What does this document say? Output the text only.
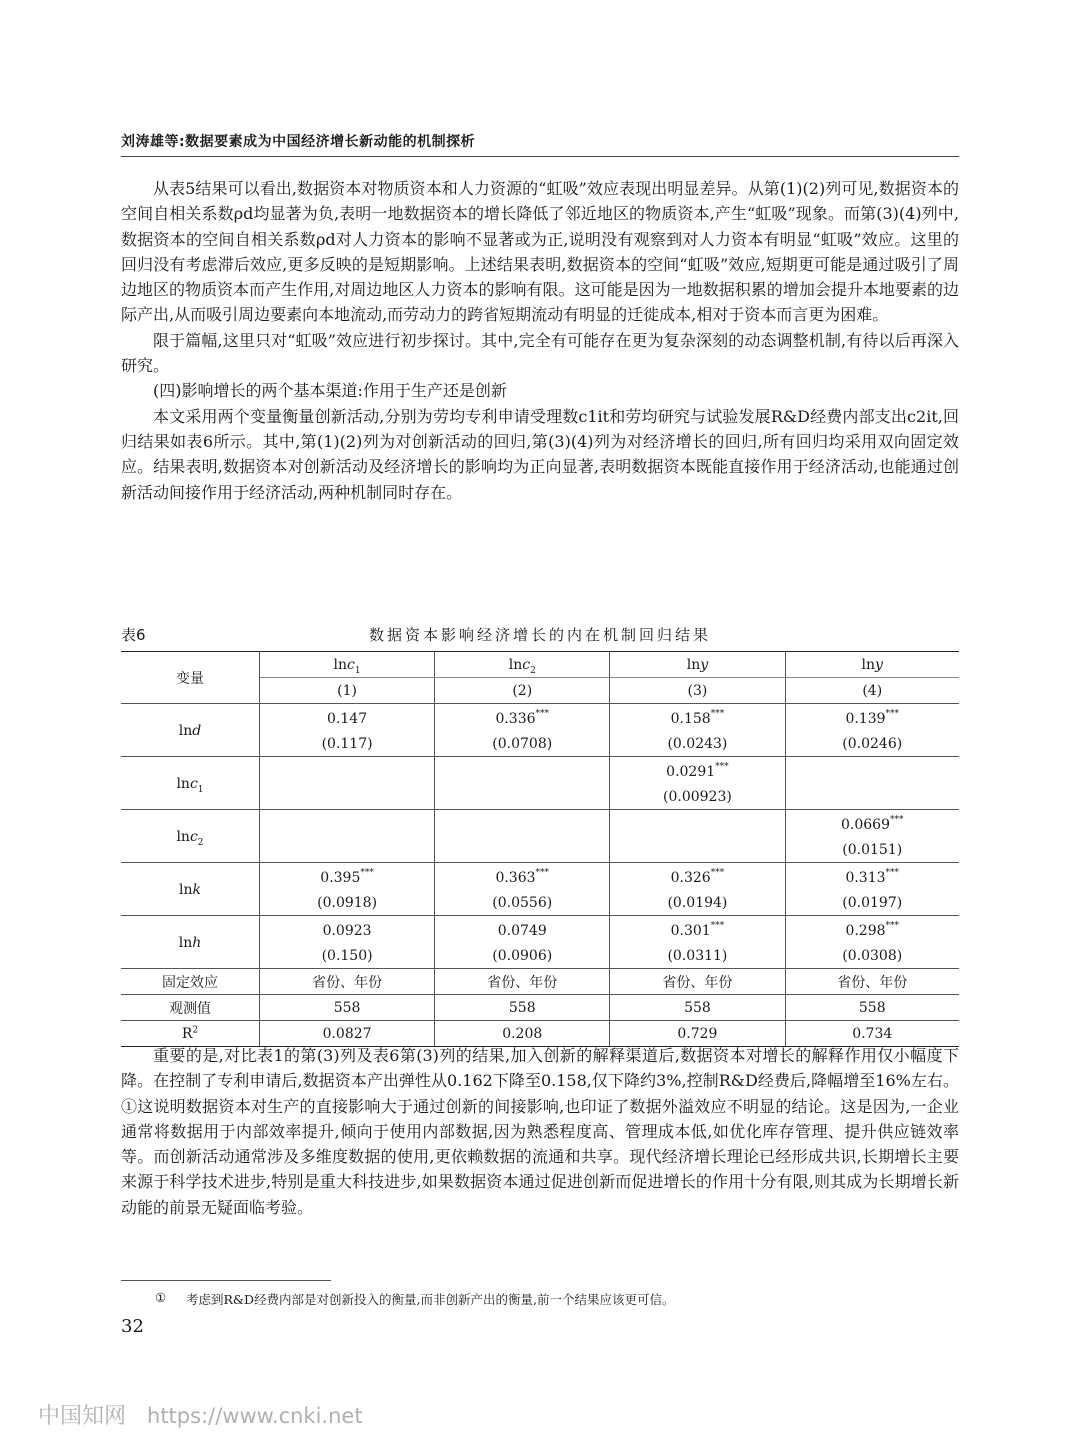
刘涛雄等:数据要素成为中国经济增长新动能的机制探析

从表5结果可以看出,数据资本对物质资本和人力资源的“虹吸”效应表现出明显差异。从第(1)(2)列可见,数据资本的空间自相关系数ρd均显著为负,表明一地数据资本的增长降低了邻近地区的物质资本,产生“虹吸”现象。而第(3)(4)列中,数据资本的空间自相关系数ρd对人力资本的影响不显著或为正,说明没有观察到对人力资本有明显“虹吸”效应。这里的回归没有考虑滞后效应,更多反映的是短期影响。上述结果表明,数据资本的空间“虹吸”效应,短期更可能是通过吸引了周边地区的物质资本而产生作用,对周边地区人力资本的影响有限。这可能是因为一地数据积累的增加会提升本地要素的边际产出,从而吸引周边要素向本地流动,而劳动力的跨省短期流动有明显的迁徙成本,相对于资本而言更为困难。

限于篇幅,这里只对“虹吸”效应进行初步探讨。其中,完全有可能存在更为复杂深刻的动态调整机制,有待以后再深入研究。

(四)影响增长的两个基本渠道:作用于生产还是创新

本文采用两个变量衡量创新活动,分别为劳均专利申请受理数c1it和劳均研究与试验发展R&D经费内部支出c2it,回归结果如表6所示。其中,第(1)(2)列为对创新活动的回归,第(3)(4)列为对经济增长的回归,所有回归均采用双向固定效应。结果表明,数据资本对创新活动及经济增长的影响均为正向显著,表明数据资本既能直接作用于经济活动,也能通过创新活动间接作用于经济活动,两种机制同时存在。

表6	数据资本影响经济增长的内在机制回归结果
变量	lnc$_1$	lnc$_2$	lny	lny
	(1)	(2)	(3)	(4)
lnd	0.147	0.336***	0.158***	0.139***
	(0.117)	(0.0708)	(0.0243)	(0.0246)
lnc$_1$			0.0291***	
			(0.00923)	
lnc$_2$				0.0669***
				(0.0151)
lnk	0.395***	0.363***	0.326***	0.313***
	(0.0918)	(0.0556)	(0.0194)	(0.0197)
lnh	0.0923	0.0749	0.301***	0.298***
	(0.150)	(0.0906)	(0.0311)	(0.0308)
固定效应	省份、年份	省份、年份	省份、年份	省份、年份
观测值	558	558	558	558
$R^2$	0.0827	0.208	0.729	0.734

重要的是,对比表1的第(3)列及表6第(3)列的结果,加入创新的解释渠道后,数据资本对增长的解释作用仅小幅度下降。在控制了专利申请后,数据资本产出弹性从0.162下降至0.158,仅下降约3%,控制R&D经费后,降幅增至16%左右。①这说明数据资本对生产的直接影响大于通过创新的间接影响,也印证了数据外溢效应不明显的结论。这是因为,一企业通常将数据用于内部效率提升,倾向于使用内部数据,因为熟悉程度高、管理成本低,如优化库存管理、提升供应链效率等。而创新活动通常涉及多维度数据的使用,更依赖数据的流通和共享。现代经济增长理论已经形成共识,长期增长主要来源于科学技术进步,特别是重大科技进步,如果数据资本通过促进创新而促进增长的作用十分有限,则其成为长期增长新动能的前景无疑面临考验。

① 考虑到R&D经费内部是对创新投入的衡量,而非创新产出的衡量,前一个结果应该更可信。
32
中国知网 https://www.cnki.net
